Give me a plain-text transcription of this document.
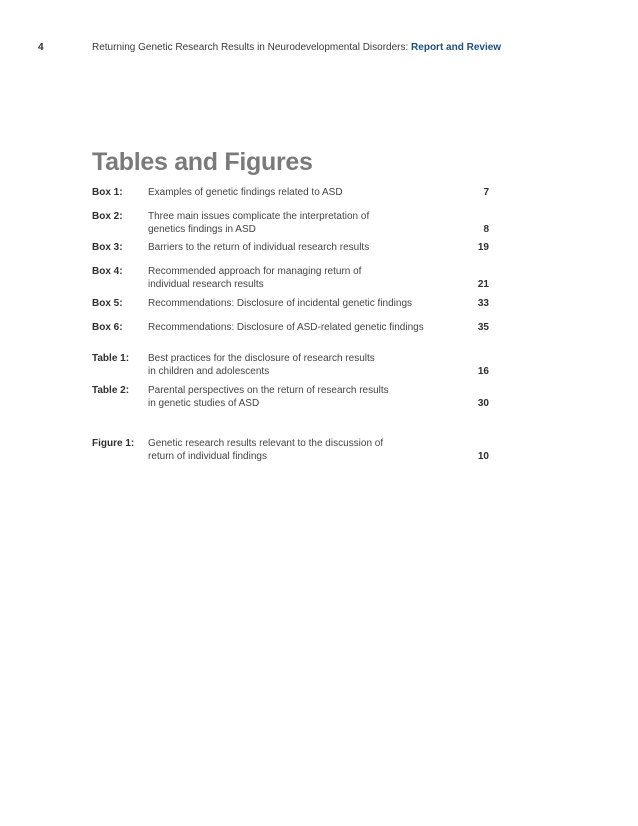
4	Returning Genetic Research Results in Neurodevelopmental Disorders: Report and Review
Tables and Figures
Box 1:	Examples of genetic findings related to ASD	7
Box 2:	Three main issues complicate the interpretation of
genetics findings in ASD	8
Box 3:	Barriers to the return of individual research results	19
Box 4:	Recommended approach for managing return of
individual research results	21
Box 5:	Recommendations: Disclosure of incidental genetic findings	33
Box 6:	Recommendations: Disclosure of ASD-related genetic findings	35
Table 1:	Best practices for the disclosure of research results
in children and adolescents	16
Table 2:	Parental perspectives on the return of research results
in genetic studies of ASD	30
Figure 1:	Genetic research results relevant to the discussion of
return of individual findings	10
